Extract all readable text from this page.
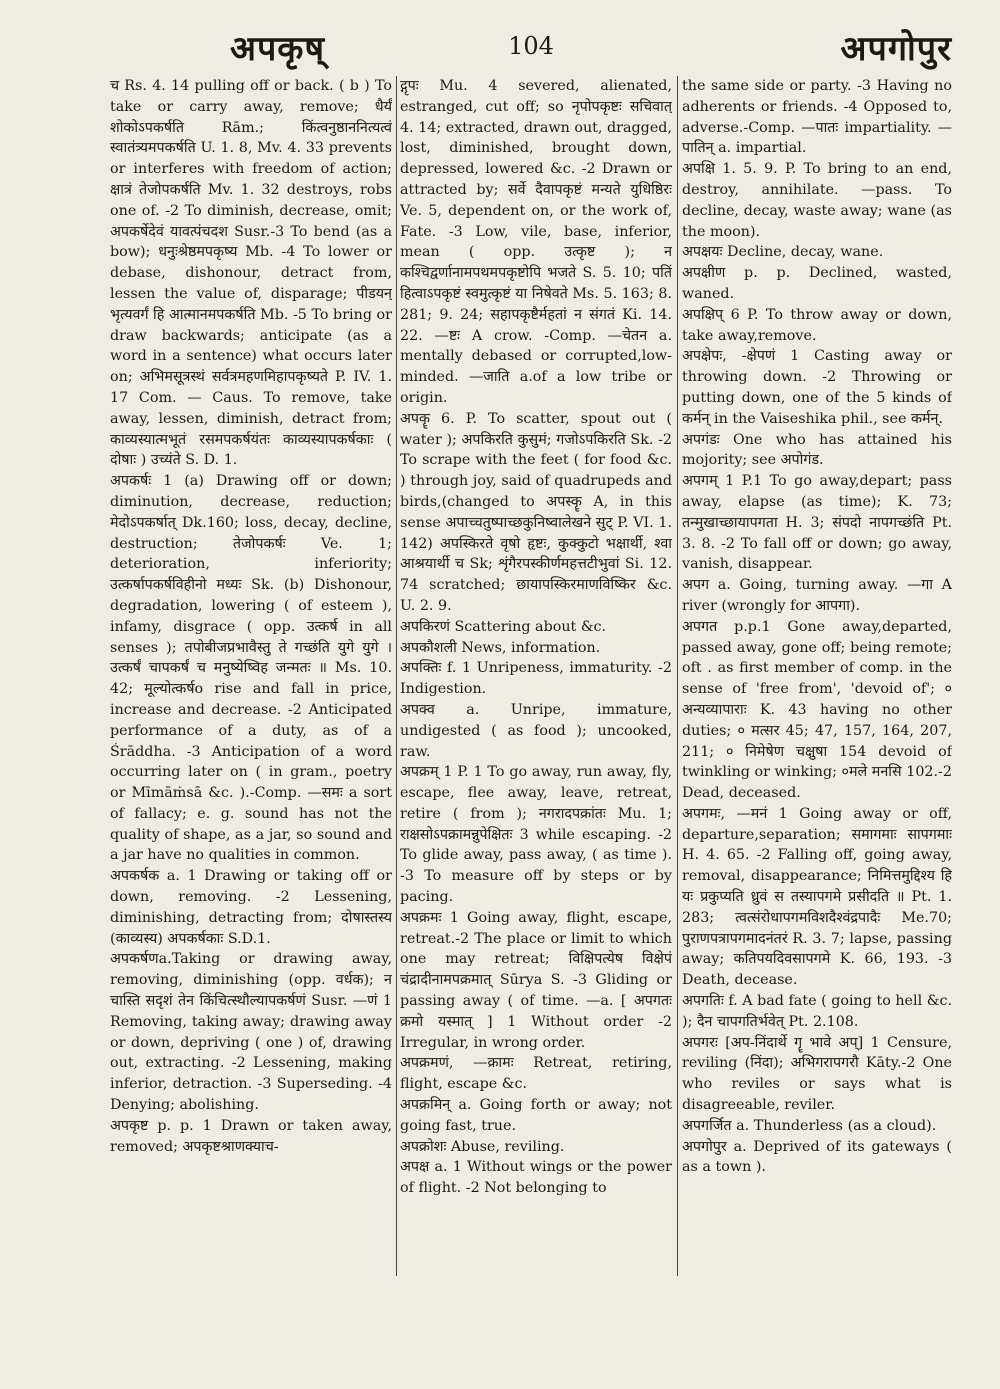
अपकृष्	104	अपगोपुर

च Rs. 4. 14 pulling off or back. ( b ) To take or carry away, remove; धैर्यं शोकोऽपकर्षति Rām.; किंत्वनुष्ठाननित्यत्वं स्वातंत्र्यमपकर्षति U. 1. 8, Mv. 4. 33 prevents or interferes with freedom of action; क्षात्रं तेजोपकर्षति Mv. 1. 32 destroys, robs one of. -2 To diminish, decrease, omit; अपकर्षेदेवं यावत्पंचदश Susr.-3 To bend (as a bow); धनुःश्रेष्ठमपकृष्य Mb. -4 To lower or debase, dishonour, detract from, lessen the value of, disparage; पीडयन् भृत्यवर्गं हि आत्मानमपकर्षति Mb. -5 To bring or draw backwards; anticipate (as a word in a sentence) what occurs later on; अभिमसूत्रस्थं सर्वत्रमहणमिहापकृष्यते P. IV. 1. 17 Com. — Caus. To remove, take away, lessen, diminish, detract from; काव्यस्यात्मभूतं रसमपकर्षयंतः काव्यस्यापकर्षकाः ( दोषाः ) उच्यंते S. D. 1.

अपकर्षः 1 (a) Drawing off or down; diminution, decrease, reduction; मेदोऽपकर्षात् Dk.160; loss, decay, decline, destruction; तेजोपकर्षः Ve. 1; deterioration, inferiority; उत्कर्षापकर्षविहीनो मध्यः Sk. (b) Dishonour, degradation, lowering ( of esteem ), infamy, disgrace ( opp. उत्कर्ष in all senses ); तपोबीजप्रभावैस्तु ते गच्छंति युगे युगे । उत्कर्षं चापकर्षं च मनुष्येष्विह जन्मतः ॥ Ms. 10. 42; मूल्योत्कर्षo rise and fall in price, increase and decrease. -2 Anticipated performance of a duty, as of a Śrāddha. -3 Anticipation of a word occurring later on ( in gram., poetry or Mīmāṁsā &c. ).-Comp. —समः a sort of fallacy; e. g. sound has not the quality of shape, as a jar, so sound and a jar have no qualities in common.

अपकर्षक a. 1 Drawing or taking off or down, removing. -2 Lessening, diminishing, detracting from; दोषास्तस्य (काव्यस्य) अपकर्षकाः S.D.1.

अपकर्षणa.Taking or drawing away, removing, diminishing (opp. वर्धक); न चास्ति सदृशं तेन किंचित्स्थौल्यापकर्षणं Susr. —णं 1 Removing, taking away; drawing away or down, depriving ( one ) of, drawing out, extracting. -2 Lessening, making inferior, detraction. -3 Superseding. -4 Denying; abolishing.

अपकृष्ट p. p. 1 Drawn or taken away, removed; अपकृष्टश्राणक्याच-

द्गृपः Mu. 4 severed, alienated, estranged, cut off; so नृपोपकृष्टः सचिवात् 4. 14; extracted, drawn out, dragged, lost, diminished, brought down, depressed, lowered &c. -2 Drawn or attracted by; सर्वे दैवापकृष्टं मन्यते युधिष्ठिरः Ve. 5, dependent on, or the work of, Fate. -3 Low, vile, base, inferior, mean ( opp. उत्कृष्ट ); न कश्चिद्वर्णानामपथमपकृष्टोपि भजते S. 5. 10; पतिं हित्वाऽपकृष्टं स्वमुत्कृष्टं या निषेवते Ms. 5. 163; 8. 281; 9. 24; सहापकृष्टैर्महतां न संगतं Ki. 14. 22. —ष्टः A crow. -Comp. —चेतन a. mentally debased or corrupted,low-minded. —जाति a.of a low tribe or origin.

अपकॄ 6. P. To scatter, spout out ( water ); अपकिरति कुसुमं; गजोऽपकिरति Sk. -2 To scrape with the feet ( for food &c. ) through joy, said of quadrupeds and birds,(changed to अपस्कॄ A, in this sense अपाच्चतुष्पाच्छकुनिष्वालेखने सुट् P. VI. 1. 142) अपस्किरते वृषो हृष्टः, कुक्कुटो भक्षार्थी, श्वा आश्रयार्थी च Sk; शृंगैरपस्कीर्णमहत्तटीभुवां Si. 12. 74 scratched; छायापस्किरमाणविष्किर &c. U. 2. 9.

अपकिरणं Scattering about &c.

अपकौशली News, information.

अपक्तिः f. 1 Unripeness, immaturity. -2 Indigestion.

अपक्व a. Unripe, immature, undigested ( as food ); uncooked, raw.

अपक्रम् 1 P. 1 To go away, run away, fly, escape, flee away, leave, retreat, retire ( from ); नगरादपक्रांतः Mu. 1; राक्षसोऽपक्रामन्नुपेक्षितः 3 while escaping. -2 To glide away, pass away, ( as time ). -3 To measure off by steps or by pacing.

अपक्रमः 1 Going away, flight, escape, retreat.-2 The place or limit to which one may retreat; विक्षिपत्येष विक्षेपं चंद्रादीनामपक्रमात् Sūrya S. -3 Gliding or passing away ( of time. —a. [ अपगतः क्रमो यस्मात् ] 1 Without order -2 Irregular, in wrong order.

अपक्रमणं, —क्रामः Retreat, retiring, flight, escape &c.

अपक्रमिन् a. Going forth or away; not going fast, true.

अपक्रोशः Abuse, reviling.

अपक्ष a. 1 Without wings or the power of flight. -2 Not belonging to

the same side or party. -3 Having no adherents or friends. -4 Opposed to, adverse.-Comp. —पातः impartiality. —पातिन् a. impartial.

अपक्षि 1. 5. 9. P. To bring to an end, destroy, annihilate. —pass. To decline, decay, waste away; wane (as the moon).

अपक्षयः Decline, decay, wane.

अपक्षीण p. p. Declined, wasted, waned.

अपक्षिप् 6 P. To throw away or down, take away,remove.

अपक्षेपः, -क्षेपणं 1 Casting away or throwing down. -2 Throwing or putting down, one of the 5 kinds of कर्मन् in the Vaiseshika phil., see कर्मन्.

अपगंडः One who has attained his mojority; see अपोगंड.

अपगम् 1 P.1 To go away,depart; pass away, elapse (as time); K. 73; तन्मुखाच्छायापगता H. 3; संपदो नापगच्छंति Pt. 3. 8. -2 To fall off or down; go away, vanish, disappear.

अपग a. Going, turning away. —गा A river (wrongly for आपगा).

अपगत p.p.1 Gone away,departed, passed away, gone off; being remote; oft . as first member of comp. in the sense of 'free from', 'devoid of'; ० अन्यव्यापाराः K. 43 having no other duties; ० मत्सर 45; 47, 157, 164, 207, 211; ० निमेषेण चक्षुषा 154 devoid of twinkling or winking; ०मले मनसि 102.-2 Dead, deceased.

अपगमः, —मनं 1 Going away or off, departure,separation; समागमाः सापगमाः H. 4. 65. -2 Falling off, going away, removal, disappearance; निमित्तमुद्दिश्य हि यः प्रकुप्यति ध्रुवं स तस्यापगमे प्रसीदति ॥ Pt. 1. 283; त्वत्संरोधापगमविशदैश्वंद्रपादैः Me.70; पुराणपत्रापगमादनंतरं R. 3. 7; lapse, passing away; कतिपयदिवसापगमे K. 66, 193. -3 Death, decease.

अपगतिः f. A bad fate ( going to hell &c. ); दैन चापगतिर्भवेत् Pt. 2.108.

अपगरः [अप-निंदार्थे गॄ भावे अप्] 1 Censure, reviling (निंदा); अभिगरापगरौ Kāty.-2 One who reviles or says what is disagreeable, reviler.

अपगर्जित a. Thunderless (as a cloud).

अपगोपुर a. Deprived of its gateways ( as a town ).
